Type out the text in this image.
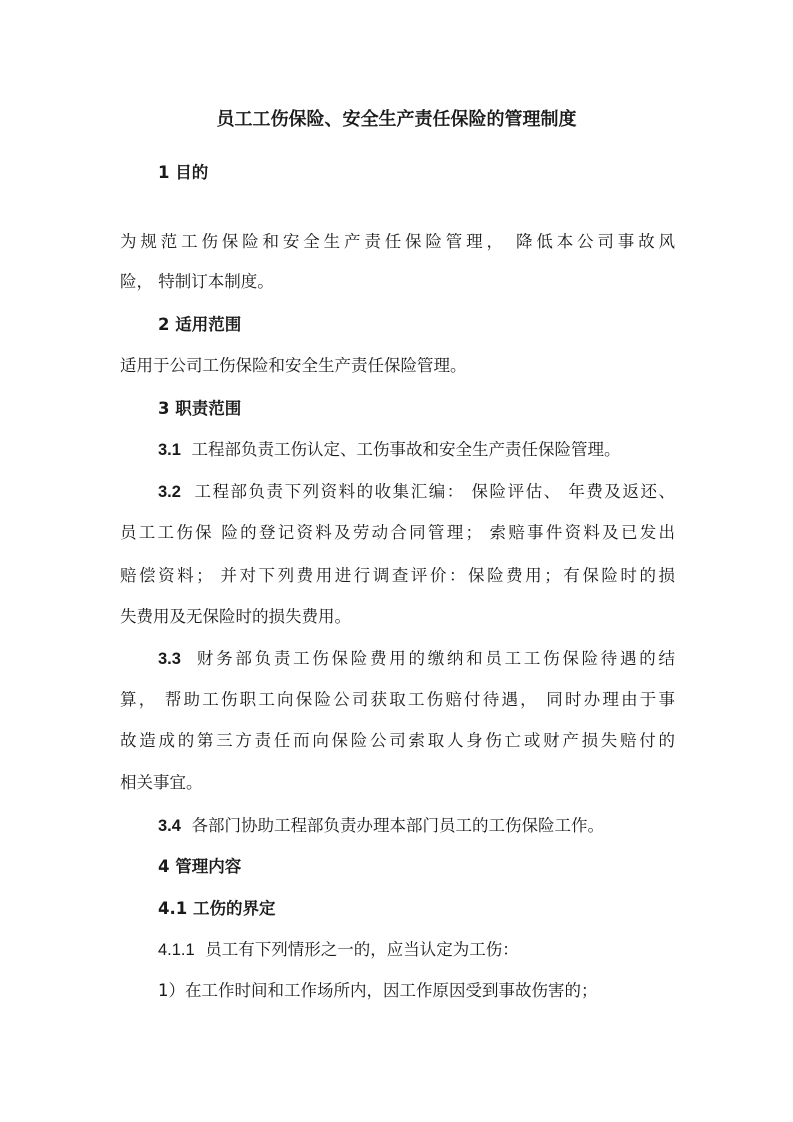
员工工伤保险、安全生产责任保险的管理制度
1 目的
为规范工伤保险和安全生产责任保险管理， 降低本公司事故风
险， 特制订本制度。
2 适用范围
适用于公司工伤保险和安全生产责任保险管理。
3 职责范围
3.1 工程部负责工伤认定、工伤事故和安全生产责任保险管理。
3.2 工程部负责下列资料的收集汇编： 保险评估、 年费及返还、
员工工伤保 险的登记资料及劳动合同管理； 索赔事件资料及已发出
赔偿资料； 并对下列费用进行调查评价：保险费用；有保险时的损
失费用及无保险时的损失费用。
3.3 财务部负责工伤保险费用的缴纳和员工工伤保险待遇的结
算， 帮助工伤职工向保险公司获取工伤赔付待遇， 同时办理由于事
故造成的第三方责任而向保险公司索取人身伤亡或财产损失赔付的
相关事宜。
3.4 各部门协助工程部负责办理本部门员工的工伤保险工作。
4 管理内容
4.1 工伤的界定
4.1.1 员工有下列情形之一的，应当认定为工伤：
1）在工作时间和工作场所内，因工作原因受到事故伤害的；
